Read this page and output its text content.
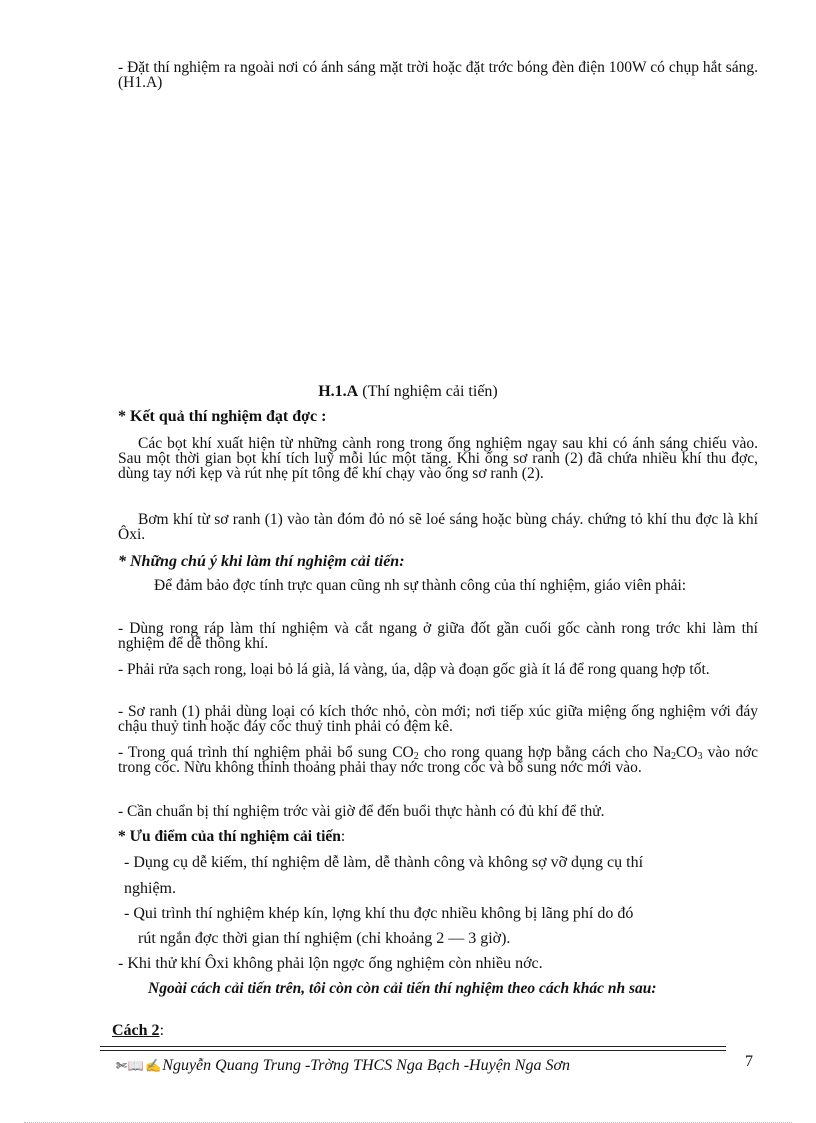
- Đặt thí nghiệm ra ngoài nơi có ánh sáng mặt trời hoặc đặt trớc bóng đèn điện 100W có chụp hắt sáng. (H1.A)

H.1.A (Thí nghiệm cải tiến)
* Kết quả thí nghiệm đạt đợc :

Các bọt khí xuất hiện từ những cành rong trong ống nghiệm ngay sau khi có ánh sáng chiếu vào. Sau một thời gian bọt khí tích luỹ mỗi lúc một tăng. Khi ống sơ ranh (2) đã chứa nhiều khí thu đợc, dùng tay nới kẹp và rút nhẹ pít tông để khí chạy vào ống sơ ranh (2).

Bơm khí từ sơ ranh (1) vào tàn đóm đỏ nó sẽ loé sáng hoặc bùng cháy. chứng tỏ khí thu đợc là khí Ôxi.

* Những chú ý khi làm thí nghiệm cải tiến:

Để đảm bảo đợc tính trực quan cũng nh sự thành công của thí nghiệm, giáo viên phải:

- Dùng rong ráp làm thí nghiệm và cắt ngang ở giữa đốt gần cuối gốc cành rong trớc khi làm thí nghiệm để dễ thông khí.

- Phải rửa sạch rong, loại bỏ lá già, lá vàng, úa, dập và đoạn gốc già ít lá để rong quang hợp tốt.

- Sơ ranh (1) phải dùng loại có kích thớc nhỏ, còn mới; nơi tiếp xúc giữa miệng ống nghiệm với đáy chậu thuỷ tinh hoặc đáy cốc thuỷ tinh phải có đệm kê.

- Trong quá trình thí nghiệm phải bổ sung $CO_2$ cho rong quang hợp bằng cách cho $Na_2CO_3$ vào nớc trong cốc. Nừu không thỉnh thoảng phải thay nớc trong cốc và bổ sung nớc mới vào.

- Cần chuẩn bị thí nghiệm trớc vài giờ để đến buổi thực hành có đủ khí để thử.

* Ưu điểm của thí nghiệm cải tiến:
- Dụng cụ dễ kiếm, thí nghiệm dễ làm, dễ thành công và không sợ vỡ dụng cụ thí
nghiệm.
- Qui trình thí nghiệm khép kín, lợng khí thu đợc nhiều không bị lãng phí do đó
rút ngắn đợc thời gian thí nghiệm (chỉ khoảng 2 — 3 giờ).
- Khi thử khí Ôxi không phải lộn ngợc ống nghiệm còn nhiều nớc.

Ngoài cách cải tiến trên, tôi còn còn cải tiến thí nghiệm theo cách khác nh sau:

Cách 2:
✄📖✍Nguyễn Quang Trung -Trờng THCS Nga Bạch -Huyện Nga Sơn	7
